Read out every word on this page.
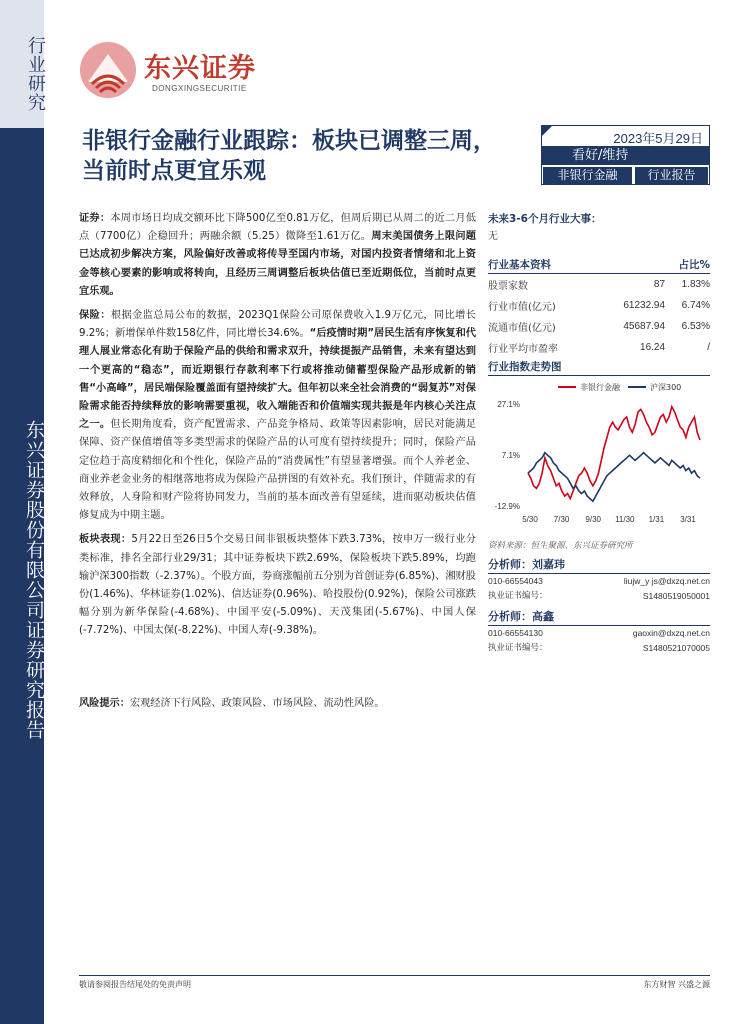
行业研究
东兴证券股份有限公司证券研究报告
东兴证券
DONGXINGSECURITIE
非银行金融行业跟踪：板块已调整三周，当前时点更宜乐观
2023年5月29日
看好/维持
非银行金融	行业报告

证券：本周市场日均成交额环比下降500亿至0.81万亿，但周后期已从周二的近二月低点（7700亿）企稳回升；两融余额（5.25）微降至1.61万亿。周末美国债务上限问题已达成初步解决方案，风险偏好改善或将传导至国内市场，对国内投资者情绪和北上资金等核心要素的影响或将转向，且经历三周调整后板块估值已至近期低位，当前时点更宜乐观。

保险：根据金监总局公布的数据，2023Q1保险公司原保费收入1.9万亿元，同比增长9.2%；新增保单件数158亿件，同比增长34.6%。“后疫情时期”居民生活有序恢复和代理人展业常态化有助于保险产品的供给和需求双升，持续提振产品销售，未来有望达到一个更高的“稳态”，而近期银行存款利率下行或将推动储蓄型保险产品形成新的销售“小高峰”，居民端保险覆盖面有望持续扩大。但年初以来全社会消费的“弱复苏”对保险需求能否持续释放的影响需要重视，收入端能否和价值端实现共振是年内核心关注点之一。但长期角度看，资产配置需求、产品竞争格局、政策等因素影响，居民对能满足保障、资产保值增值等多类型需求的保险产品的认可度有望持续提升；同时，保险产品定位趋于高度精细化和个性化，保险产品的“消费属性”有望显著增强。而个人养老金、商业养老金业务的相继落地将成为保险产品拼图的有效补充。我们预计，伴随需求的有效释放，人身险和财产险将协同发力，当前的基本面改善有望延续，进而驱动板块估值修复成为中期主题。

板块表现：5月22日至26日5个交易日间非银板块整体下跌3.73%，按申万一级行业分类标准，排名全部行业29/31；其中证券板块下跌2.69%，保险板块下跌5.89%，均跑输沪深300指数（-2.37%）。个股方面，券商涨幅前五分别为首创证券(6.85%)、湘财股份(1.46%)、华林证券(1.02%)、信达证券(0.96%)、哈投股份(0.92%)，保险公司涨跌幅分别为新华保险(-4.68%)、中国平安(-5.09%)、天茂集团(-5.67%)、中国人保(-7.72%)、中国太保(-8.22%)、中国人寿(-9.38%)。

风险提示：宏观经济下行风险、政策风险、市场风险、流动性风险。
未来3-6个月行业大事：
无
行业基本资料	占比%
股票家数	87	1.83%
行业市值(亿元)	61232.94	6.74%
流通市值(亿元)	45687.94	6.53%
行业平均市盈率	16.24	/
行业指数走势图
非银行金融	沪深300
27.1%
7.1%
-12.9%
5/30 7/30 9/30 11/30 1/31 3/31
资料来源：恒生聚源、东兴证券研究所
分析师：刘嘉玮
010-66554043	liujw_y js@dxzq.net.cn
执业证书编号：	S1480519050001
分析师：高鑫
010-66554130	gaoxin@dxzq.net.cn
执业证书编号：	S1480521070005
敬请参阅报告结尾处的免责声明	东方财智 兴盛之源
